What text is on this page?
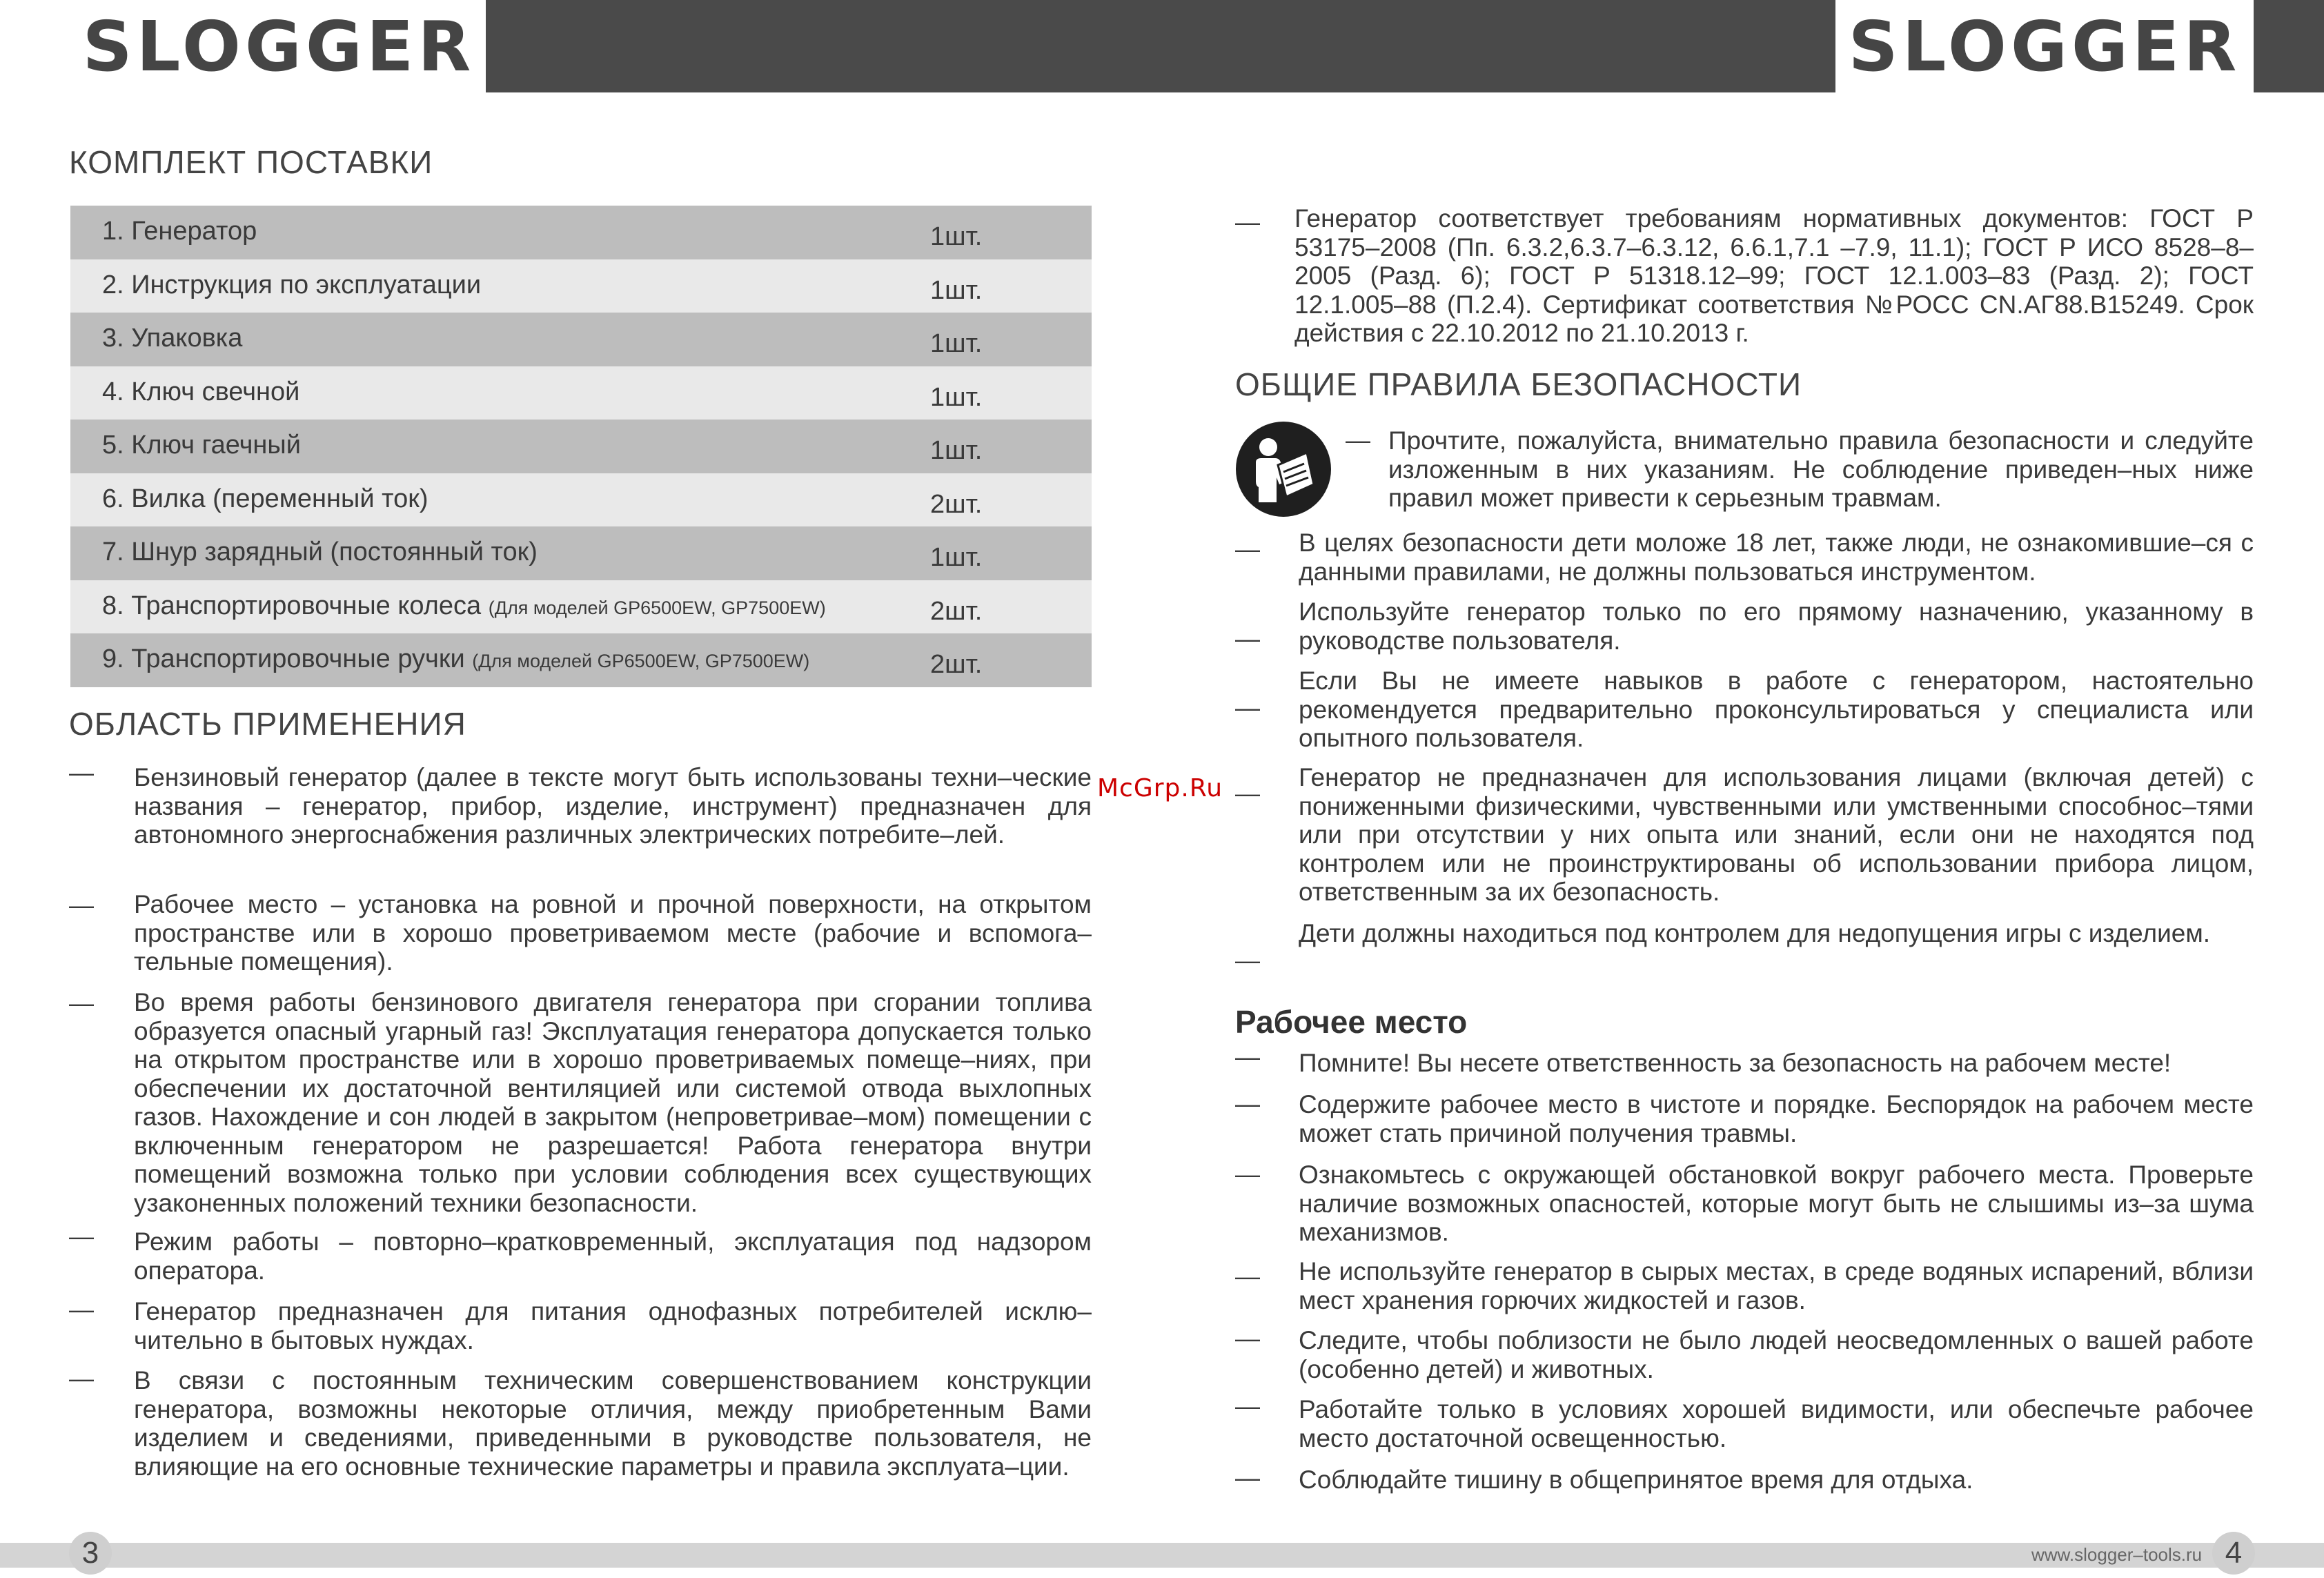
SLOGGER	SLOGGER
КОМПЛЕКТ ПОСТАВКИ
1. Генератор	1шт.
2. Инструкция по эксплуатации	1шт.
3. Упаковка	1шт.
4. Ключ свечной	1шт.
5. Ключ гаечный	1шт.
6. Вилка (переменный ток)	2шт.
7. Шнур зарядный (постоянный ток)	1шт.
8. Транспортировочные колеса (Для моделей GP6500EW, GP7500EW)	2шт.
9. Транспортировочные ручки (Для моделей GP6500EW, GP7500EW)	2шт.
ОБЛАСТЬ ПРИМЕНЕНИЯ
— Бензиновый генератор (далее в тексте могут быть использованы техни–ческие названия – генератор, прибор, изделие, инструмент) предназначен для автономного энергоснабжения различных электрических потребите–лей.
— Рабочее место – установка на ровной и прочной поверхности, на открытом пространстве или в хорошо проветриваемом месте (рабочие и вспомога–тельные помещения).
— Во время работы бензинового двигателя генератора при сгорании топлива образуется опасный угарный газ! Эксплуатация генератора допускается только на открытом пространстве или в хорошо проветриваемых помеще–ниях, при обеспечении их достаточной вентиляцией или системой отвода выхлопных газов. Нахождение и сон людей в закрытом (непроветривае–мом) помещении с включенным генератором не разрешается! Работа генератора внутри помещений возможна только при условии соблюдения всех существующих узаконенных положений техники безопасности.
— Режим работы – повторно–кратковременный, эксплуатация под надзором оператора.
— Генератор предназначен для питания однофазных потребителей исклю–чительно в бытовых нуждах.
— В связи с постоянным техническим совершенствованием конструкции генератора, возможны некоторые отличия, между приобретенным Вами изделием и сведениями, приведенными в руководстве пользователя, не влияющие на его основные технические параметры и правила эксплуата–ции.
McGrp.Ru
— Генератор соответствует требованиям нормативных документов: ГОСТ Р 53175–2008 (Пп. 6.3.2,6.3.7–6.3.12, 6.6.1,7.1 –7.9, 11.1); ГОСТ Р ИСО 8528–8–2005 (Разд. 6); ГОСТ Р 51318.12–99; ГОСТ 12.1.003–83 (Разд. 2); ГОСТ 12.1.005–88 (П.2.4). Сертификат соответствия №РОСС CN.АГ88.В15249. Срок действия с 22.10.2012 по 21.10.2013 г.
ОБЩИЕ ПРАВИЛА БЕЗОПАСНОСТИ
— Прочтите, пожалуйста, внимательно правила безопасности и следуйте изложенным в них указаниям. Не соблюдение приведен–ных ниже правил может привести к серьезным травмам.
— В целях безопасности дети моложе 18 лет, также люди, не ознакомившие–ся с данными правилами, не должны пользоваться инструментом.
—
Используйте генератор только по его прямому назначению, указанному в руководстве пользователя.
—
Если Вы не имеете навыков в работе с генератором, настоятельно рекомендуется предварительно проконсультироваться у специалиста или опытного пользователя.
—
Генератор не предназначен для использования лицами (включая детей) с пониженными физическими, чувственными или умственными способнос–тями или при отсутствии у них опыта или знаний, если они не находятся под контролем или не проинструктированы об использовании прибора лицом, ответственным за их безопасность.
—
Дети должны находиться под контролем для недопущения игры с изделием.
Рабочее место
— Помните! Вы несете ответственность за безопасность на рабочем месте!
— Содержите рабочее место в чистоте и порядке. Беспорядок на рабочем месте может стать причиной получения травмы.
— Ознакомьтесь с окружающей обстановкой вокруг рабочего места. Проверьте наличие возможных опасностей, которые могут быть не слышимы из–за шума механизмов.
— Не используйте генератор в сырых местах, в среде водяных испарений, вблизи мест хранения горючих жидкостей и газов.
— Следите, чтобы поблизости не было людей неосведомленных о вашей работе (особенно детей) и животных.
— Работайте только в условиях хорошей видимости, или обеспечьте рабочее место достаточной освещенностью.
— Соблюдайте тишину в общепринятое время для отдыха.
3	www.slogger–tools.ru 4
